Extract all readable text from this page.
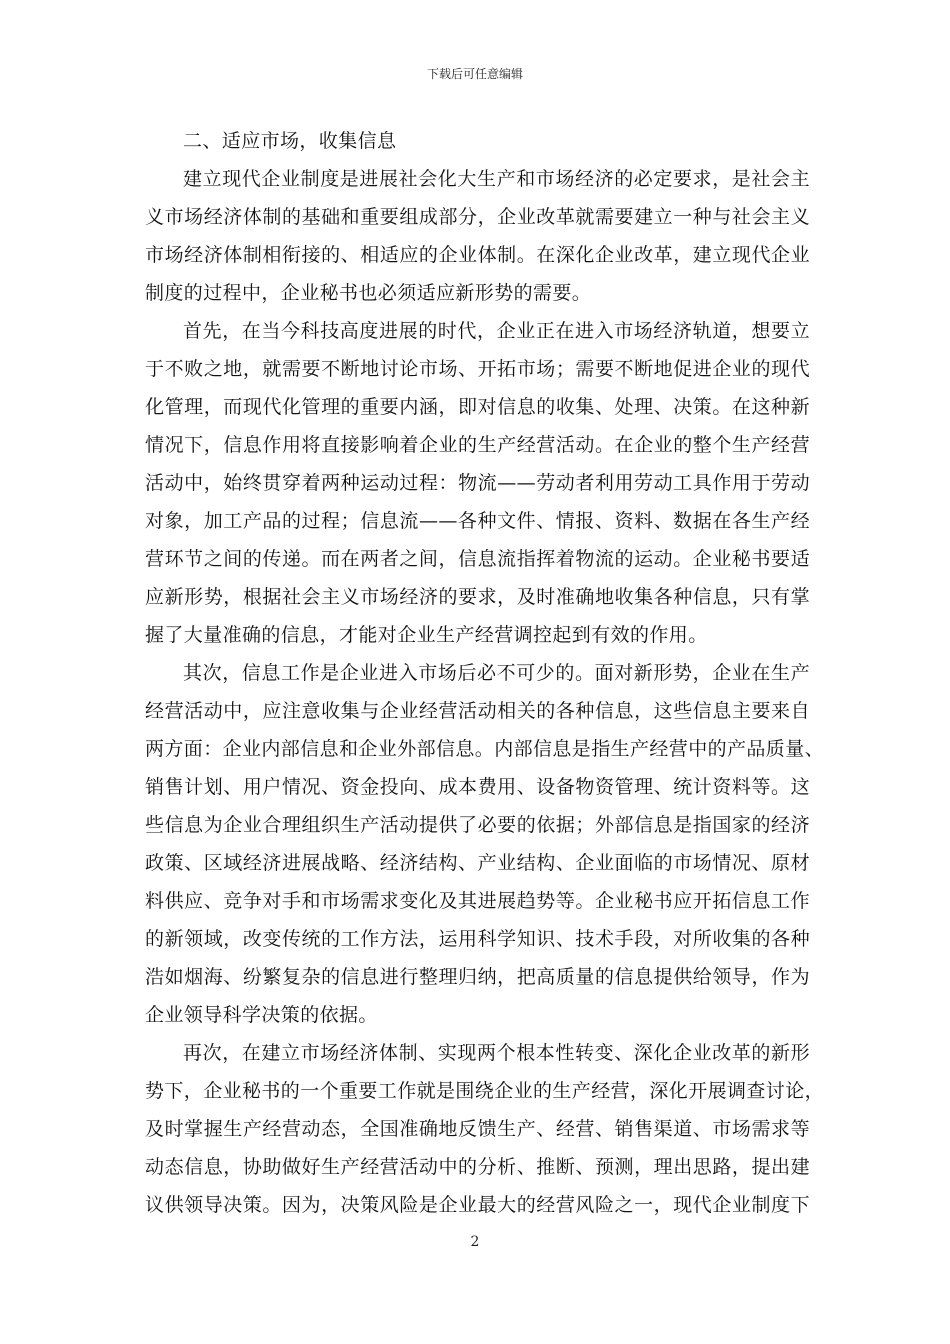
下载后可任意编辑
二、适应市场，收集信息
建立现代企业制度是进展社会化大生产和市场经济的必定要求，是社会主
义市场经济体制的基础和重要组成部分，企业改革就需要建立一种与社会主义
市场经济体制相衔接的、相适应的企业体制。在深化企业改革，建立现代企业
制度的过程中，企业秘书也必须适应新形势的需要。
首先，在当今科技高度进展的时代，企业正在进入市场经济轨道，想要立
于不败之地，就需要不断地讨论市场、开拓市场；需要不断地促进企业的现代
化管理，而现代化管理的重要内涵，即对信息的收集、处理、决策。在这种新
情况下，信息作用将直接影响着企业的生产经营活动。在企业的整个生产经营
活动中，始终贯穿着两种运动过程：物流——劳动者利用劳动工具作用于劳动
对象，加工产品的过程；信息流——各种文件、情报、资料、数据在各生产经
营环节之间的传递。而在两者之间，信息流指挥着物流的运动。企业秘书要适
应新形势，根据社会主义市场经济的要求，及时准确地收集各种信息，只有掌
握了大量准确的信息，才能对企业生产经营调控起到有效的作用。
其次，信息工作是企业进入市场后必不可少的。面对新形势，企业在生产
经营活动中，应注意收集与企业经营活动相关的各种信息，这些信息主要来自
两方面：企业内部信息和企业外部信息。内部信息是指生产经营中的产品质量、
销售计划、用户情况、资金投向、成本费用、设备物资管理、统计资料等。这
些信息为企业合理组织生产活动提供了必要的依据；外部信息是指国家的经济
政策、区域经济进展战略、经济结构、产业结构、企业面临的市场情况、原材
料供应、竞争对手和市场需求变化及其进展趋势等。企业秘书应开拓信息工作
的新领域，改变传统的工作方法，运用科学知识、技术手段，对所收集的各种
浩如烟海、纷繁复杂的信息进行整理归纳，把高质量的信息提供给领导，作为
企业领导科学决策的依据。
再次，在建立市场经济体制、实现两个根本性转变、深化企业改革的新形
势下，企业秘书的一个重要工作就是围绕企业的生产经营，深化开展调查讨论，
及时掌握生产经营动态，全国准确地反馈生产、经营、销售渠道、市场需求等
动态信息，协助做好生产经营活动中的分析、推断、预测，理出思路，提出建
议供领导决策。因为，决策风险是企业最大的经营风险之一，现代企业制度下
2
